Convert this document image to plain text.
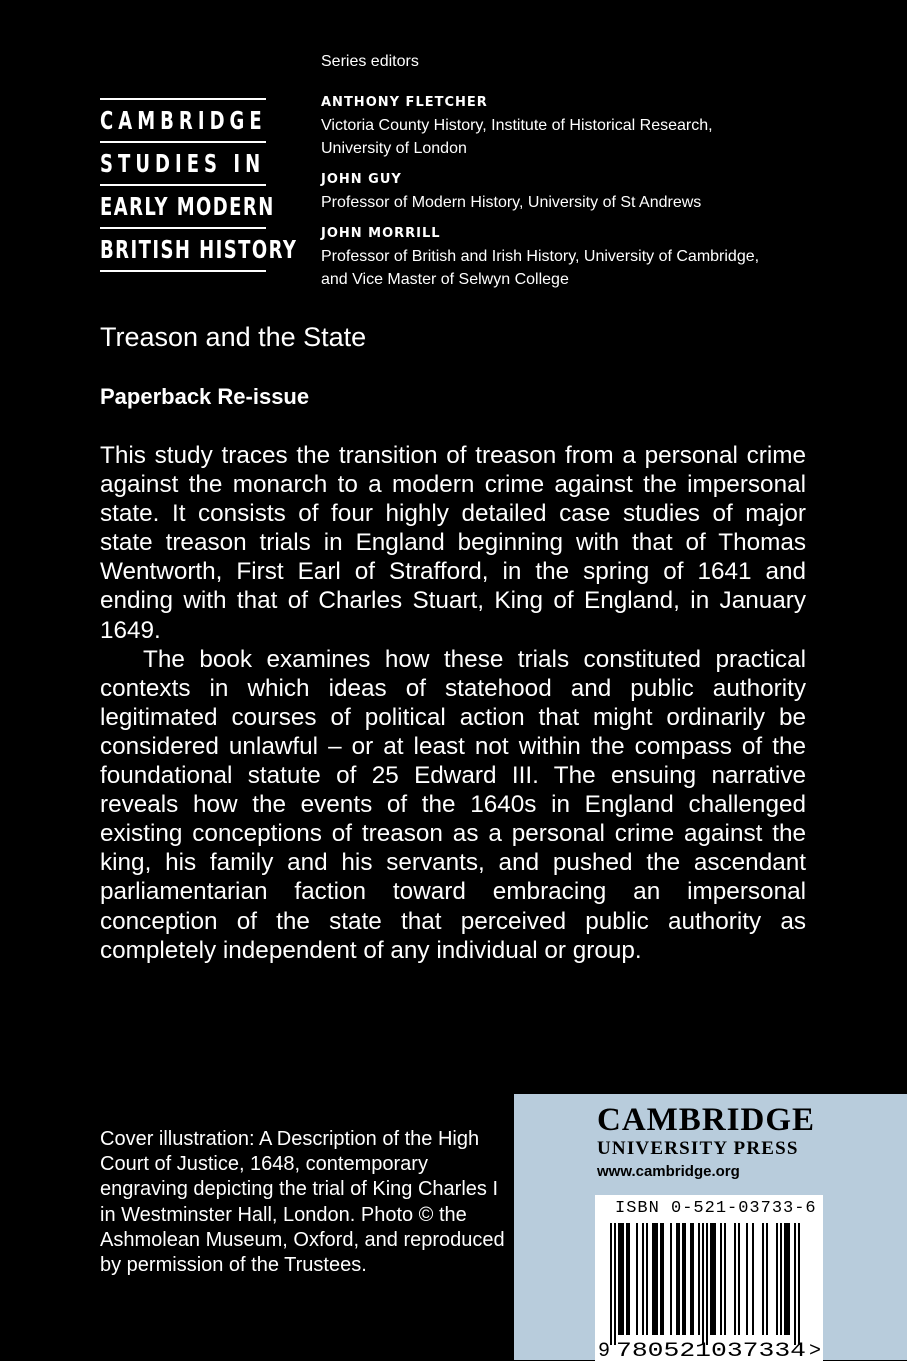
CAMBRIDGE
STUDIES IN
EARLY MODERN
BRITISH HISTORY
Series editors
ANTHONY FLETCHER
Victoria County History, Institute of Historical Research,
University of London
JOHN GUY
Professor of Modern History, University of St Andrews
JOHN MORRILL
Professor of British and Irish History, University of Cambridge,
and Vice Master of Selwyn College
Treason and the State
Paperback Re-issue

This study traces the transition of treason from a personal crime against the monarch to a modern crime against the impersonal state. It consists of four highly detailed case studies of major state treason trials in England beginning with that of Thomas Wentworth, First Earl of Strafford, in the spring of 1641 and ending with that of Charles Stuart, King of England, in January 1649.

The book examines how these trials constituted practical contexts in which ideas of statehood and public authority legitimated courses of political action that might ordinarily be considered unlawful – or at least not within the compass of the foundational statute of 25 Edward III. The ensuing narrative reveals how the events of the 1640s in England challenged existing conceptions of treason as a personal crime against the king, his family and his servants, and pushed the ascendant parliamentarian faction toward embracing an impersonal conception of the state that perceived public authority as completely independent of any individual or group.

Cover illustration: A Description of the High Court of Justice, 1648, contemporary engraving depicting the trial of King Charles I in Westminster Hall, London. Photo © the Ashmolean Museum, Oxford, and reproduced by permission of the Trustees.
CAMBRIDGE
UNIVERSITY PRESS
www.cambridge.org
9 780521037334 >
ISBN 0-521-03733-6
